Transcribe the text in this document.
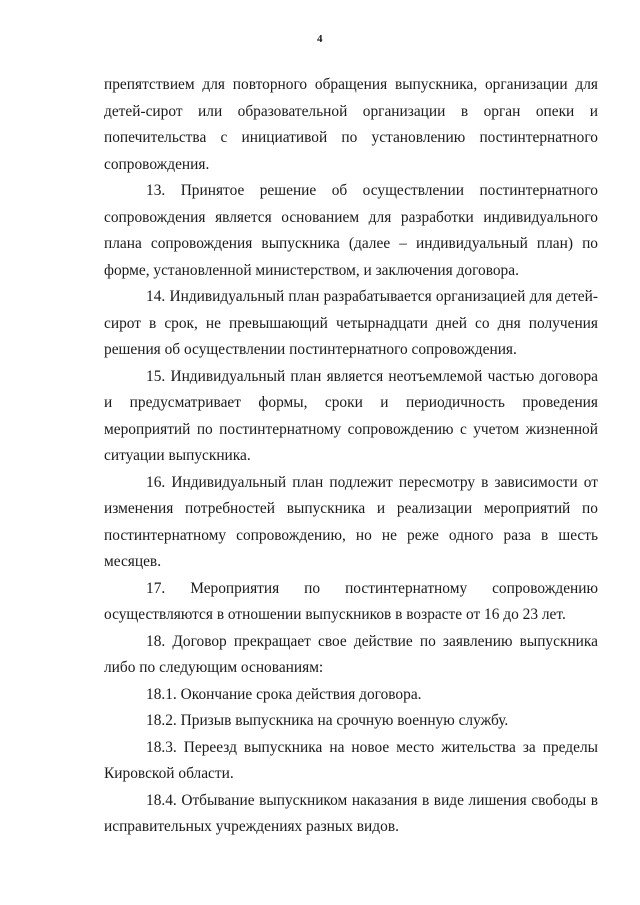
4

препятствием для повторного обращения выпускника, организации для детей-сирот или образовательной организации в орган опеки и попечительства с инициативой по установлению постинтернатного сопровождения.

13. Принятое решение об осуществлении постинтернатного сопровождения является основанием для разработки индивидуального плана сопровождения выпускника (далее – индивидуальный план) по форме, установленной министерством, и заключения договора.

14. Индивидуальный план разрабатывается организацией для детей-сирот в срок, не превышающий четырнадцати дней со дня получения решения об осуществлении постинтернатного сопровождения.

15. Индивидуальный план является неотъемлемой частью договора и предусматривает формы, сроки и периодичность проведения мероприятий по постинтернатному сопровождению с учетом жизненной ситуации выпускника.

16. Индивидуальный план подлежит пересмотру в зависимости от изменения потребностей выпускника и реализации мероприятий по постинтернатному сопровождению, но не реже одного раза в шесть месяцев.

17. Мероприятия по постинтернатному сопровождению осуществляются в отношении выпускников в возрасте от 16 до 23 лет.

18. Договор прекращает свое действие по заявлению выпускника либо по следующим основаниям:

18.1. Окончание срока действия договора.

18.2. Призыв выпускника на срочную военную службу.

18.3. Переезд выпускника на новое место жительства за пределы Кировской области.

18.4. Отбывание выпускником наказания в виде лишения свободы в исправительных учреждениях разных видов.
